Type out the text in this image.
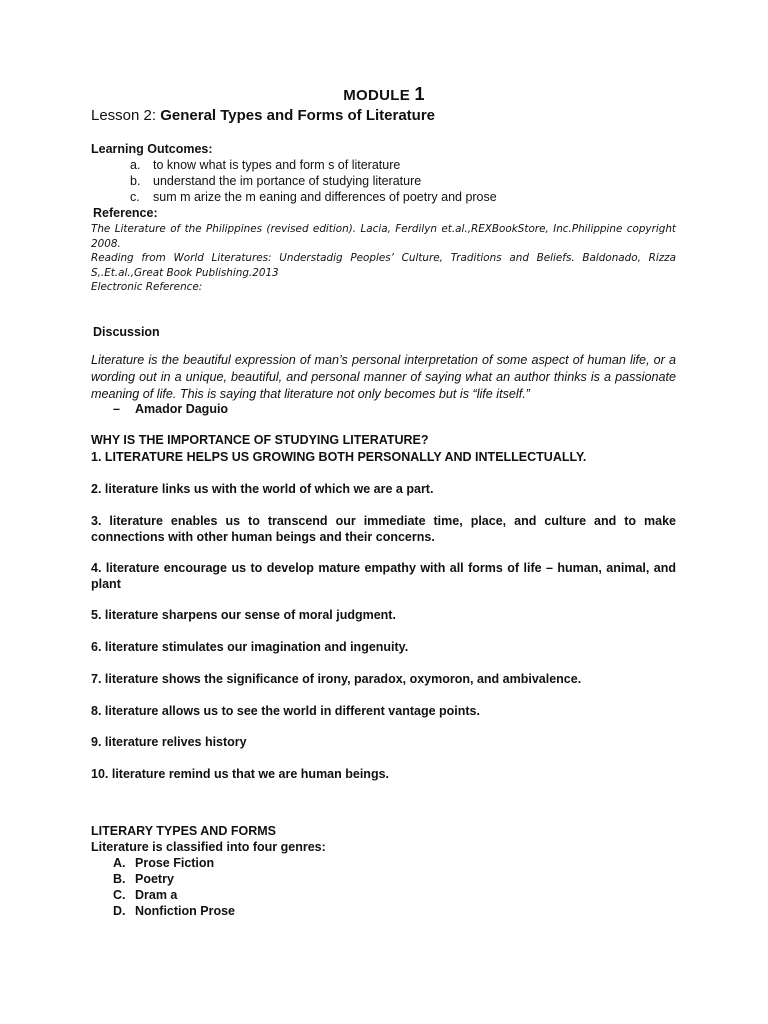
MODULE 1
Lesson 2: General Types and Forms of Literature
Learning Outcomes:
a. to know what is types and form s of literature
b. understand the im portance of studying literature
c. sum m arize the m eaning and differences of poetry and prose
Reference:
The Literature of the Philippines (revised edition). Lacia, Ferdilyn et.al.,REXBookStore, Inc.Philippine copyright 2008.
Reading from World Literatures: Understadig Peoples’ Culture, Traditions and Beliefs. Baldonado, Rizza S,.Et.al.,Great Book Publishing.2013
Electronic Reference:
Discussion
Literature is the beautiful expression of man’s personal interpretation of some aspect of human life, or a wording out in a unique, beautiful, and personal manner of saying what an author thinks is a passionate meaning of life. This is saying that literature not only becomes but is “life itself.”
– Amador Daguio
WHY IS THE IMPORTANCE OF STUDYING LITERATURE?
1. LITERATURE HELPS US GROWING BOTH PERSONALLY AND INTELLECTUALLY.
2. literature links us with the world of which we are a part.
3. literature enables us to transcend our immediate time, place, and culture and to make connections with other human beings and their concerns.
4. literature encourage us to develop mature empathy with all forms of life – human, animal, and plant
5. literature sharpens our sense of moral judgment.
6. literature stimulates our imagination and ingenuity.
7. literature shows the significance of irony, paradox, oxymoron, and ambivalence.
8. literature allows us to see the world in different vantage points.
9. literature relives history
10. literature remind us that we are human beings.
LITERARY TYPES AND FORMS
Literature is classified into four genres:
A. Prose Fiction
B. Poetry
C. Dram a
D. Nonfiction Prose
